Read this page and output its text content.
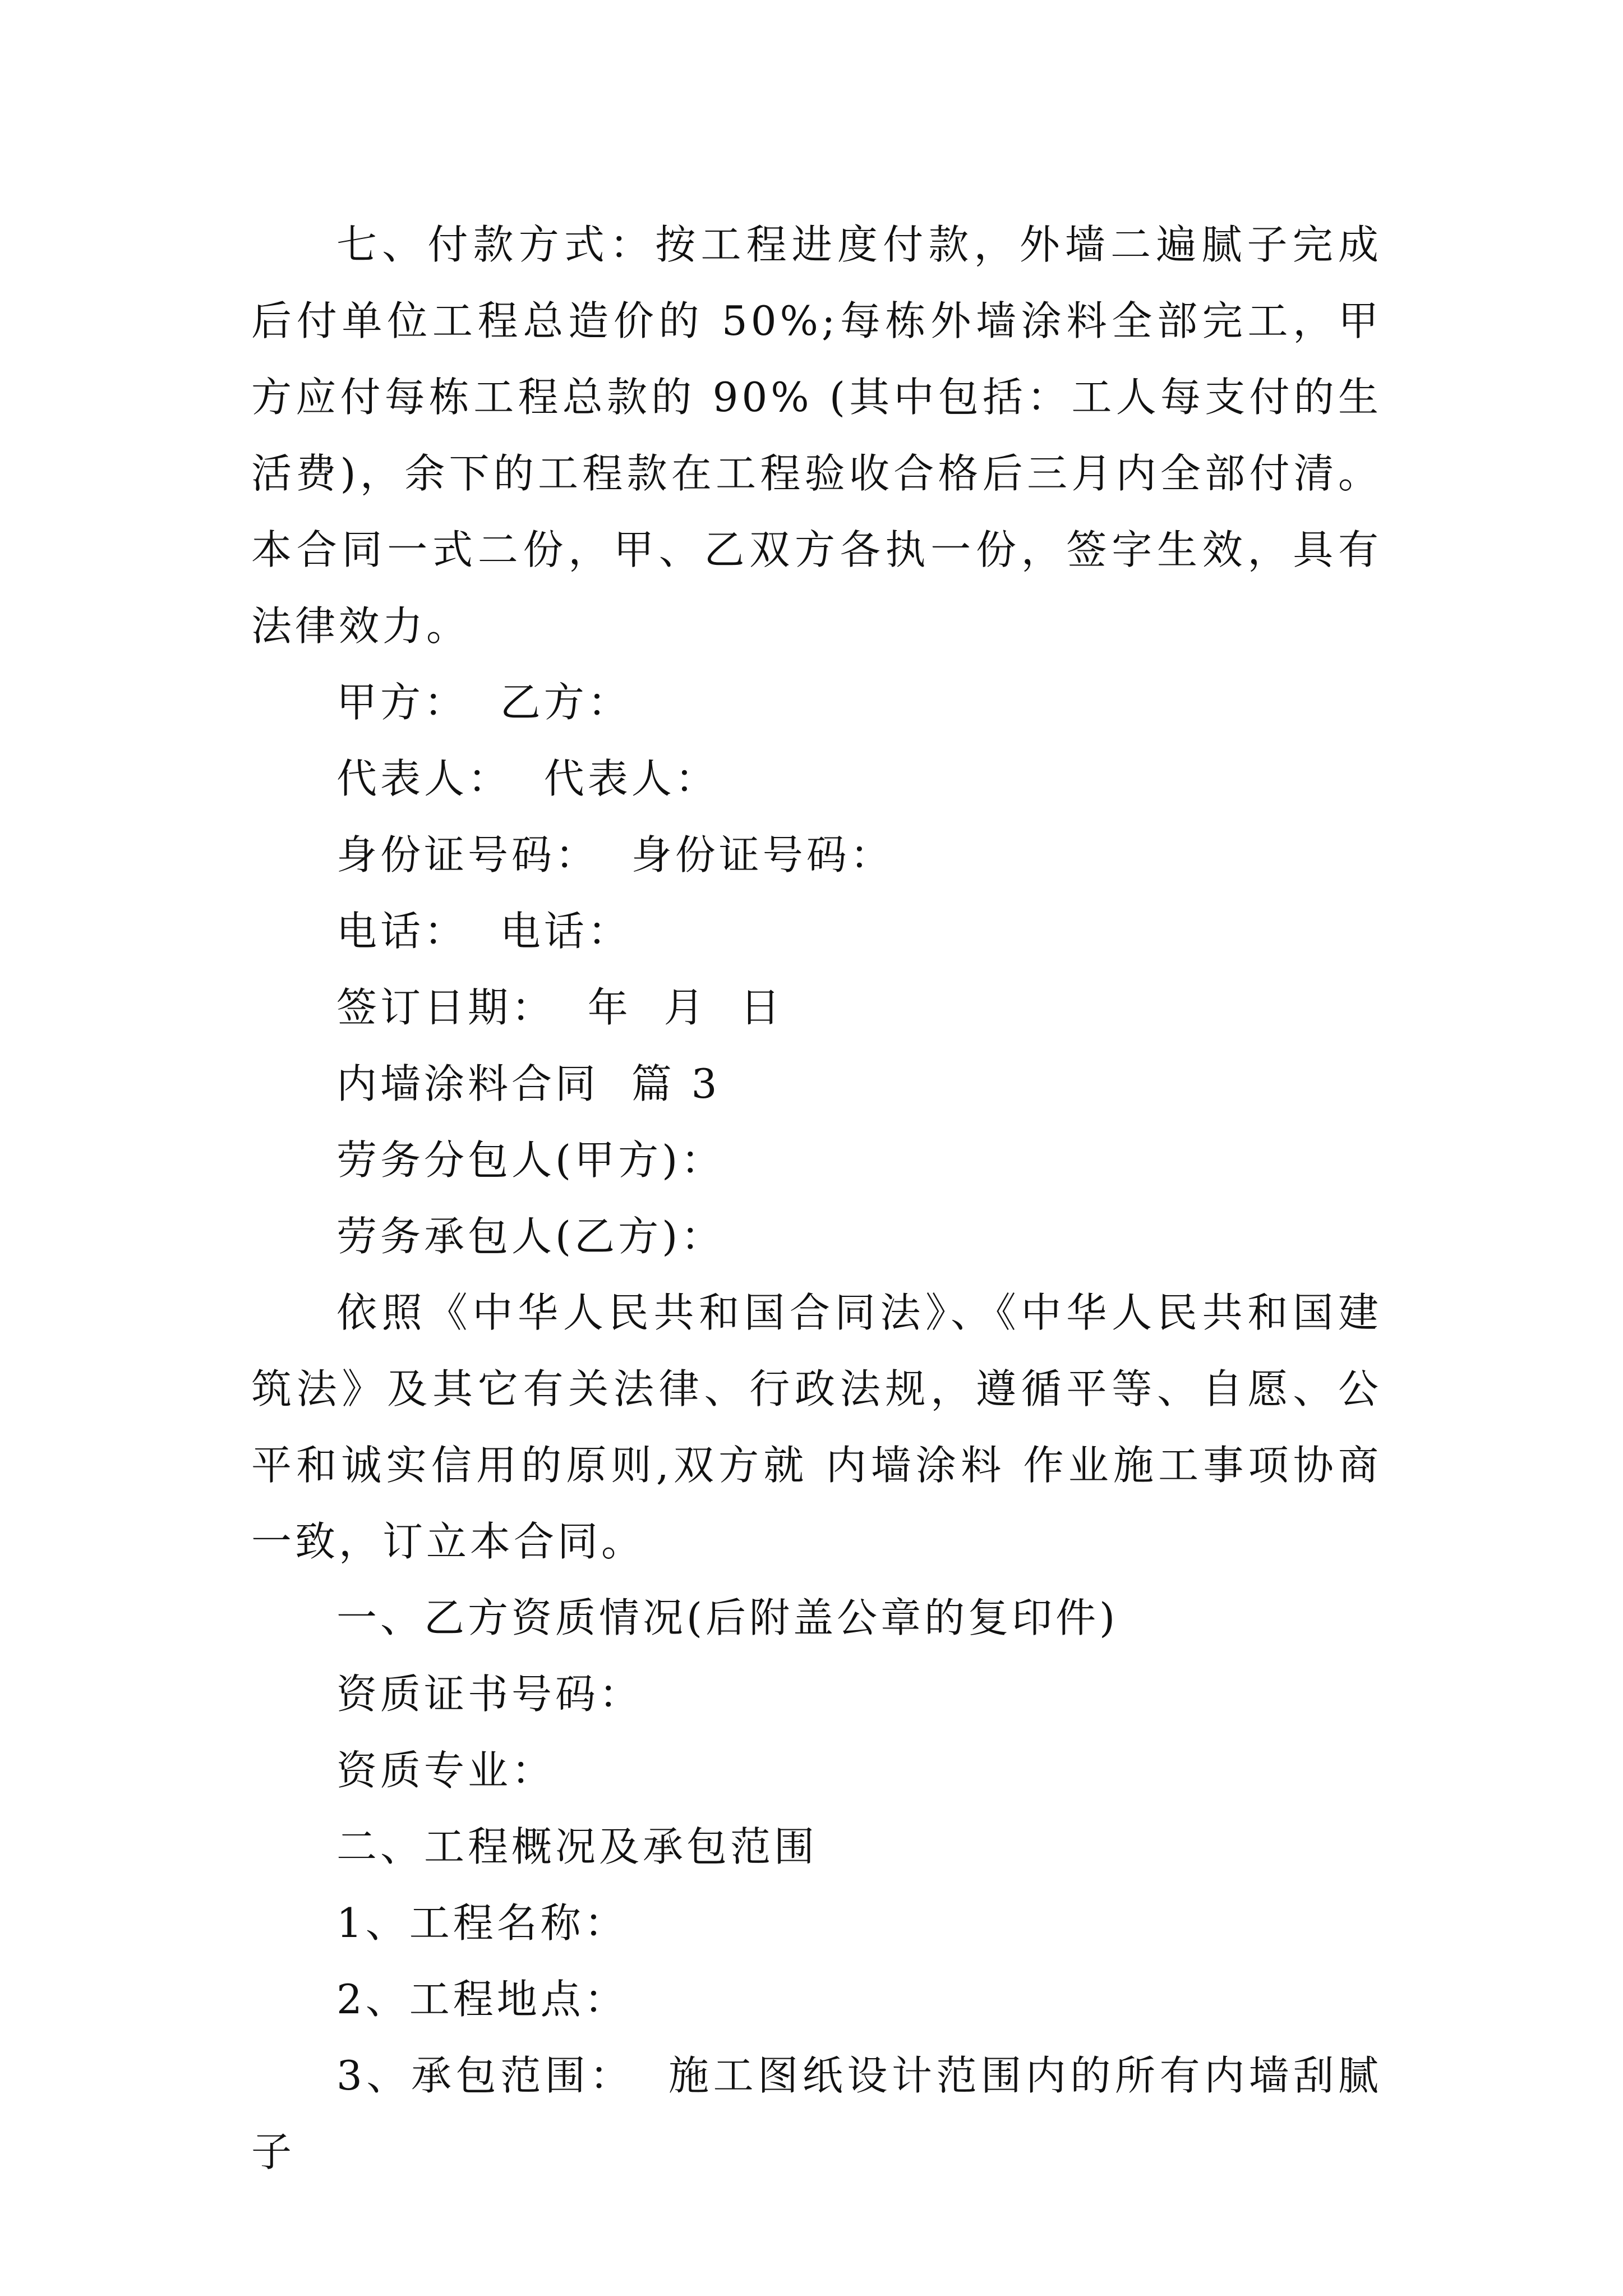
七、付款方式：按工程进度付款，外墙二遍腻子完成后付单位工程总造价的 50%;每栋外墙涂料全部完工，甲方应付每栋工程总款的 90% (其中包括：工人每支付的生活费)，余下的工程款在工程验收合格后三月内全部付清。 本合同一式二份，甲、乙双方各执一份，签字生效，具有法律效力。

甲方：  乙方：

代表人：  代表人：

身份证号码：  身份证号码：

电话：  电话：

签订日期：  年  月  日

内墙涂料合同  篇 3

劳务分包人(甲方)：

劳务承包人(乙方)：

依照《中华人民共和国合同法》、《中华人民共和国建筑法》及其它有关法律、行政法规，遵循平等、自愿、公平和诚实信用的原则,双方就 内墙涂料 作业施工事项协商一致，订立本合同。

一、乙方资质情况(后附盖公章的复印件)

资质证书号码：

资质专业：

二、工程概况及承包范围

1、工程名称：

2、工程地点：

3、承包范围：  施工图纸设计范围内的所有内墙刮腻子
